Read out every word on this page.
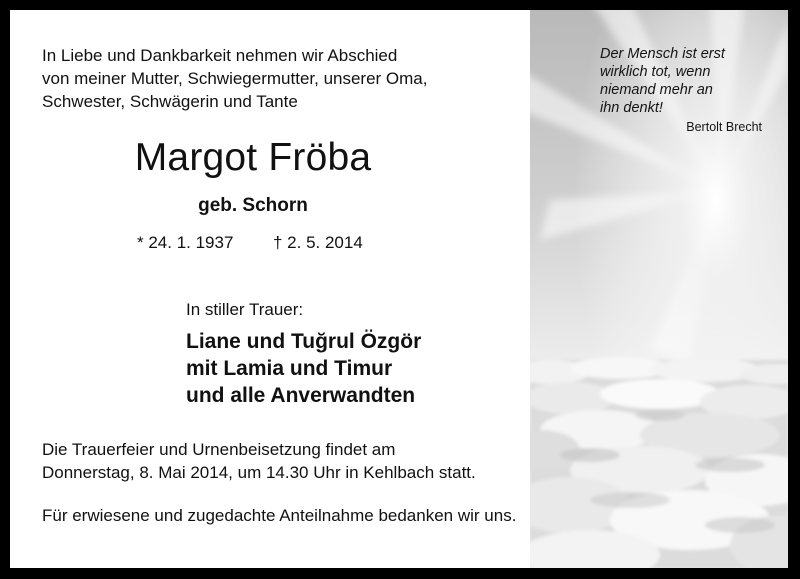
In Liebe und Dankbarkeit nehmen wir Abschied
von meiner Mutter, Schwiegermutter, unserer Oma,
Schwester, Schwägerin und Tante
Margot Fröba
geb. Schorn
* 24. 1. 1937 † 2. 5. 2014
In stiller Trauer:
Liane und Tuğrul Özgör
mit Lamia und Timur
und alle Anverwandten
Die Trauerfeier und Urnenbeisetzung findet am
Donnerstag, 8. Mai 2014, um 14.30 Uhr in Kehlbach statt.
Für erwiesene und zugedachte Anteilnahme bedanken wir uns.
Der Mensch ist erst
wirklich tot, wenn
niemand mehr an
ihn denkt!
Bertolt Brecht
